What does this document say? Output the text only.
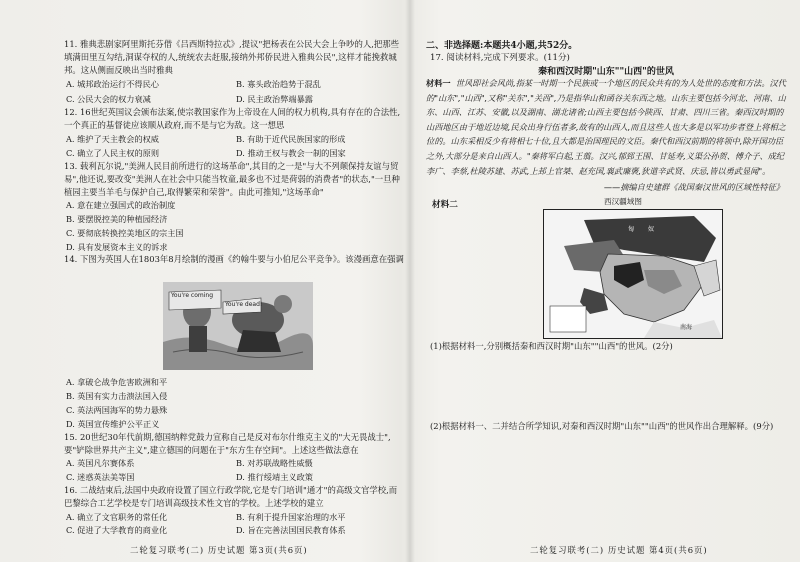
11. 雅典悲剧家阿里斯托芬借《吕西斯特拉忒》,提议"把杨表在公民大会上争吵的人,把那些填满田里互勾结,洞谋夺权的人,统统农去赶服,接纳外邦侨民进入雅典公民",这样才能挽救城邦。这从侧面反映出当时雅典
A. 城邦政治运行不得民心	B. 寡头政治趋势于混乱
C. 公民大会的权力衰减	D. 民主政治弊端暴露
12. 16世纪英国议会颁布法案,使宗教国家作为上帝设在人间的权力机构,具有存在的合法性,一个真正的基督徒应该顺从政府,而不是与它为敌。这一想思
A. 维护了天主教会的权威	B. 有助于近代民族国家的形成
C. 确立了人民主权的原则	D. 推动王权与教会一制的国家
13. 载利瓦尔说,"美洲人民目前所进行的这场革命",其目的之一是"与大不列颠保持友谊与贸易",他还说,要改变"美洲人在社会中只能当牧童,最多也不过是荷弱的消费者"的状态,"一旦种植园主要当羊毛与保护自己,取得繁荣和荣誉"。由此可推知,"这场革命"
A. 意在建立强国式的政治制度
B. 要摆脱控美的种植园经济
C. 要彻底转换控美地区的宗主国
D. 具有发展资本主义的诉求
14. 下图为英国人在1803年8月绘制的漫画《约翰牛要与小伯尼公平竞争》。该漫画意在强调
You're coming
You're dead!
A. 拿破仑战争危害欧洲和平
B. 英国有实力击溃法国入侵
C. 英法两国海军的势力悬殊
D. 英国宣传维护公平正义
15. 20世纪30年代前期,德国纳粹党鼓力宣称自己是反对布尔什维克主义的"大无畏战士",要"铲除世界共产主义",建立德国的问题在于"东方生存空间"。上述这些做法意在
A. 英国凡尔赛体系	B. 对苏联战略性威慑
C. 迷惑英法美等国	D. 推行绥靖主义政策
16. 二战结束后,法国中央政府设置了国立行政学院,它是专门培训"通才"的高级文官学校,而巴黎综合工艺学校是专门培训高级技术性文官的学校。上述学校的建立
A. 确立了文官职务的常任化	B. 有利于提升国家治理的水平
C. 促进了大学教育的商业化	D. 旨在完善法国国民教育体系
二轮复习联考(二) 历史试题 第3页(共6页)
二、非选择题:本题共4小题,共52分。
17. 阅读材料,完成下列要求。(11分)
秦和西汉时期"山东""山西"的世风
材料一 世风即社会风尚,指某一时期一个民族或一个地区的民众共有的为人处世的态度和方法。汉代的"山东","山西",又称"关东","关西",乃是指华山和函谷关东西之地。山东主要包括今河北、河南、山东、山西、江苏、安徽,以及湖南、湖北诸省;山西主要包括今陕西、甘肃、四川三省。秦西汉时期的山西地区由于地近边境,民众出身行伍者多,故有的山西人,而且这些人也大多是以军功步者登上将相之位的。山东采相反少有将相七十位,且大都是治国理民的文臣。秦代和西汉前期的将领中,除开国功臣之外,大部分是来自山西人。"秦将军白起,王翦。汉兴,郁郅王围、甘延寿,义渠公孙贺、傅介子、成纪李广、李蔡,杜陵苏建、苏武,上邽上官桀、赵充国,襄武廉褒,狄道辛武贤、庆忌,皆以勇武显闻"。
——摘编自史建群《战国秦汉世风的区域性特征》
材料二	西汉疆域图
匈 奴
南海
(1)根据材料一,分别概括秦和西汉时期"山东""山西"的世风。(2分)
(2)根据材料一、二并结合所学知识,对秦和西汉时期"山东""山西"的世风作出合理解释。(9分)
二轮复习联考(二) 历史试题 第4页(共6页)
